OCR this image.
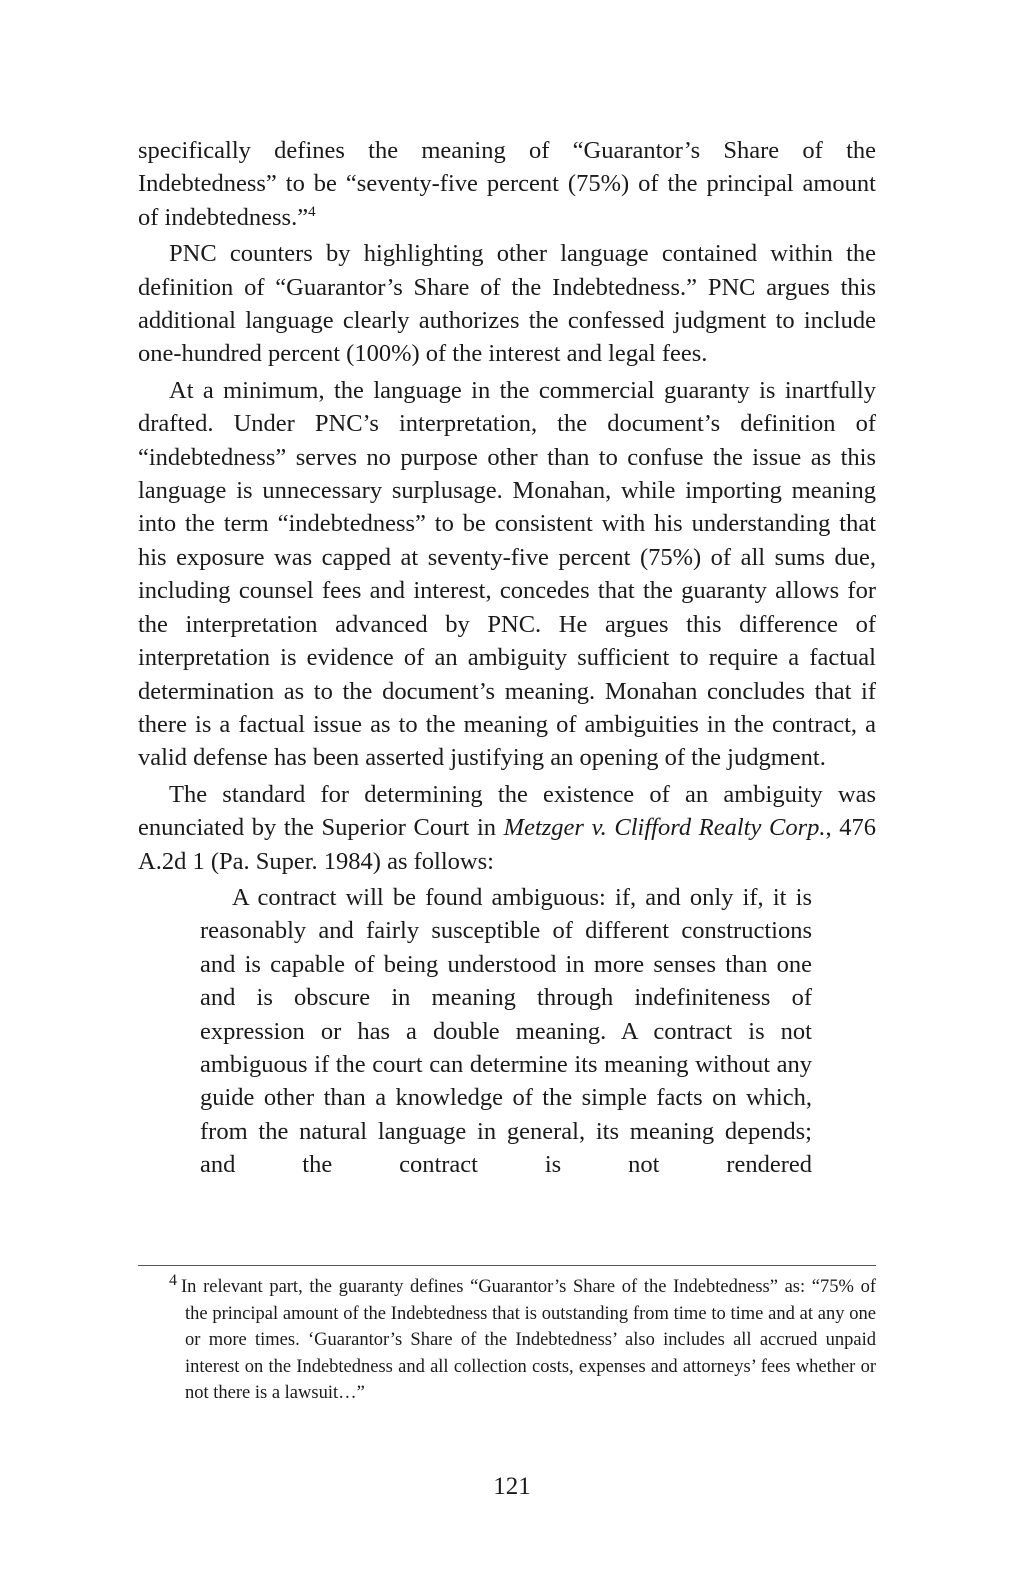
specifically defines the meaning of “Guarantor’s Share of the Indebtedness” to be “seventy-five percent (75%) of the principal amount of indebtedness.”$^4$

PNC counters by highlighting other language contained within the definition of “Guarantor’s Share of the Indebtedness.” PNC argues this additional language clearly authorizes the confessed judgment to include one-hundred percent (100%) of the interest and legal fees.

At a minimum, the language in the commercial guaranty is inartfully drafted. Under PNC’s interpretation, the document’s definition of “indebtedness” serves no purpose other than to confuse the issue as this language is unnecessary surplusage. Monahan, while importing meaning into the term “indebtedness” to be consistent with his understanding that his exposure was capped at seventy-five percent (75%) of all sums due, including counsel fees and interest, concedes that the guaranty allows for the interpretation advanced by PNC. He argues this difference of interpretation is evidence of an ambiguity sufficient to require a factual determination as to the document’s meaning. Monahan concludes that if there is a factual issue as to the meaning of ambiguities in the contract, a valid defense has been asserted justifying an opening of the judgment.

The standard for determining the existence of an ambiguity was enunciated by the Superior Court in Metzger v. Clifford Realty Corp., 476 A.2d 1 (Pa. Super. 1984) as follows:

A contract will be found ambiguous: if, and only if, it is reasonably and fairly susceptible of different constructions and is capable of being understood in more senses than one and is obscure in meaning through indefiniteness of expression or has a double meaning. A contract is not ambiguous if the court can determine its meaning without any guide other than a knowledge of the simple facts on which, from the natural language in general, its meaning depends; and the contract is not rendered

4 In relevant part, the guaranty defines “Guarantor’s Share of the Indebtedness” as: “75% of the principal amount of the Indebtedness that is outstanding from time to time and at any one or more times. ‘Guarantor’s Share of the Indebtedness’ also includes all accrued unpaid interest on the Indebtedness and all collection costs, expenses and attorneys’ fees whether or not there is a lawsuit…”

121
